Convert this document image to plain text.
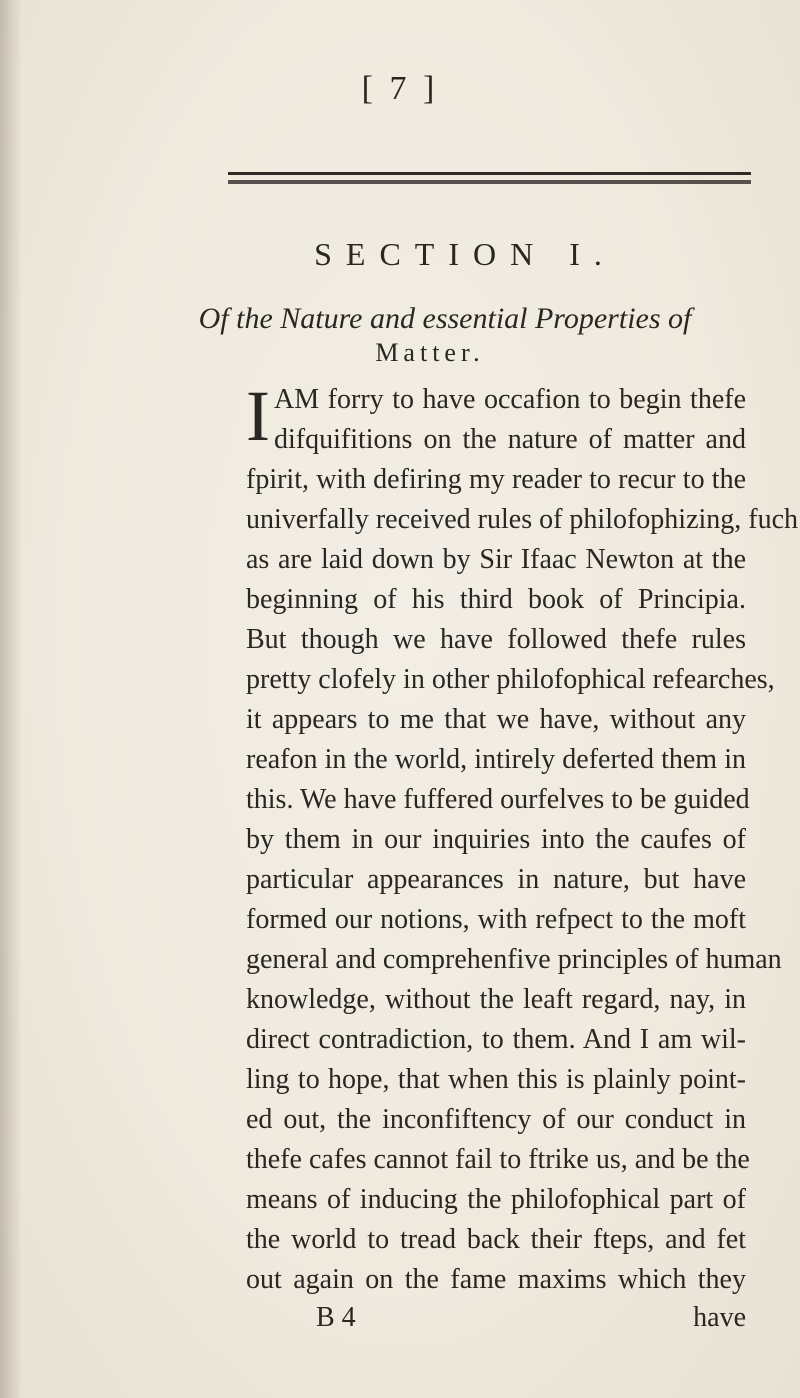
[ 7 ]
SECTION I.
Of the Nature and essential Properties of
Matter.
I AM forry to have occafion to begin thefe
difquifitions on the nature of matter and
fpirit, with defiring my reader to recur to the
univerfally received rules of philofophizing, fuch
as are laid down by Sir Ifaac Newton at the
beginning of his third book of Principia.
But though we have followed thefe rules
pretty clofely in other philofophical refearches,
it appears to me that we have, without any
reafon in the world, intirely deferted them in
this. We have fuffered ourfelves to be guided
by them in our inquiries into the caufes of
particular appearances in nature, but have
formed our notions, with refpect to the moft
general and comprehenfive principles of human
knowledge, without the leaft regard, nay, in
direct contradiction, to them. And I am wil-
ling to hope, that when this is plainly point-
ed out, the inconfiftency of our conduct in
thefe cafes cannot fail to ftrike us, and be the
means of inducing the philofophical part of
the world to tread back their fteps, and fet
out again on the fame maxims which they
B 4	have
